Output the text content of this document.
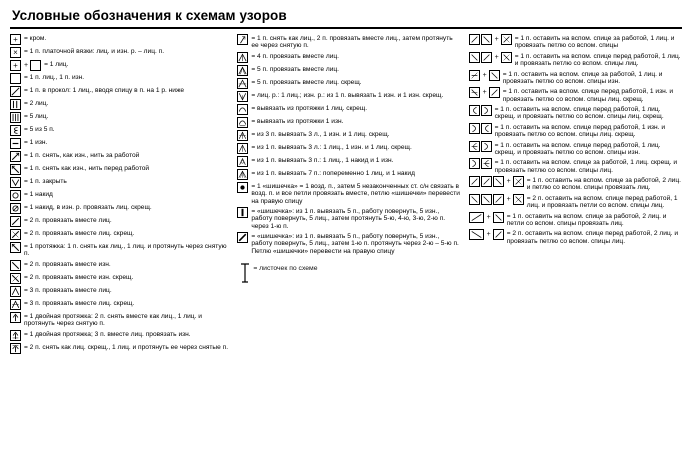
Условные обозначения к схемам узоров
+ = кром.
× = 1 п. платочной вязки: лиц. и изн. р. – лиц. п.
+ + = 1 лиц.
= 1 п. лиц., 1 п. изн.
= 1 п. в прокол: 1 лиц., вводя спицу в п. на 1 р. ниже
= 2 лиц.
= 5 лиц.
= 5 из 5 п.
= 1 изн.
= 1 п. снять, как изн., нить за работой
= 1 п. снять как изн., нить перед работой
= 1 п. закрыть
= 1 накид
= 1 накид, в изн. р. провязать лиц. скрещ.
= 2 п. провязать вместе лиц.
= 2 п. провязать вместе лиц. скрещ.
= 1 протяжка: 1 п. снять как лиц., 1 лиц. и протянуть через снятую п.
= 2 п. провязать вместе изн.
= 2 п. провязать вместе изн. скрещ.
= 3 п. провязать вместе лиц.
= 3 п. провязать вместе лиц. скрещ.
= 1 двойная протяжка: 2 п. снять вместе как лиц., 1 лиц. и протянуть через снятую п.
= 1 двойная протяжка; 3 п. вместе лиц. провязать изн.
= 2 п. снять как лиц. скрещ., 1 лиц. и протянуть ее через снятые п.
= 1 п. снять как лиц., 2 п. провязать вместе лиц., затем протянуть ее через снятую п.
= 4 п. провязать вместе лиц.
= 5 п. провязать вместе лиц.
= 5 п. провязать вместе лиц. скрещ.
= лиц. р.: 1 лиц.; изн. р.: из 1 п. вывязать 1 изн. и 1 изн. скрещ.
= вывязать из протяжки 1 лиц. скрещ.
= вывязать из протяжки 1 изн.
= из 3 п. вывязать 3 л., 1 изн. и 1 лиц. скрещ.
= из 1 п. вывязать 3 л.: 1 лиц., 1 изн. и 1 лиц. скрещ.
= из 1 п. вывязать 3 п.: 1 лиц., 1 накид и 1 изн.
= из 1 п. вывязать 7 п.: попеременно 1 лиц. и 1 накид
= 1 «шишечка» = 1 возд. п., затем 5 незаконченных ст. с/н связать в возд. п. и все петли провязать вместе, петлю «шишечки» перевести на правую спицу
= «шишечка»: из 1 п. вывязать 5 п., работу повернуть, 5 изн., работу повернуть, 5 лиц., затем протянуть 5-ю, 4-ю, 3-ю, 2-ю п. через 1-ю п.
= «шишечка»: из 1 п. вывязать 5 п., работу повернуть, 5 изн., работу повернуть, 5 лиц., затем 1-ю п. протянуть через 2-ю – 5-ю п. Петлю «шишечки» перевести на правую спицу
= листочек по схеме
+ = 1 п. оставить на вспом. спице за работой, 1 лиц. и провязать петлю со вспом. спицы
+ = 1 п. оставить на вспом. спице перед работой, 1 лиц. и провязать петлю со вспом. спицы лиц.
+ = 1 п. оставить на вспом. спице за работой, 1 лиц. и провязать петлю со вспом. спицы изн.
+ = 1 п. оставить на вспом. спице перед работой, 1 изн. и провязать петлю со вспом. спицы лиц. скрещ.
= 1 п. оставить на вспом. спице перед работой, 1 лиц. скрещ. и провязать петлю со вспом. спицы лиц. скрещ.
= 1 п. оставить на вспом. спице перед работой, 1 изн. и провязать петлю со вспом. спицы лиц. скрещ.
= 1 п. оставить на вспом. спице перед работой, 1 лиц. скрещ. и провязать петлю со вспом. спицы изн.
= 1 п. оставить на вспом. спице за работой, 1 лиц. скрещ. и провязать петлю со вспом. спицы лиц.
+ = 1 п. оставить на вспом. спице за работой, 2 лиц. и петлю со вспом. спицы провязать лиц.
+ = 2 п. оставить на вспом. спице перед работой, 1 лиц. и провязать петли со вспом. спицы лиц.
+ = 1 п. оставить на вспом. спице за работой, 2 лиц. и петли со вспом. спицы провязать лиц.
+ = 2 п. оставить на вспом. спице перед работой, 2 лиц. и провязать петлю со вспом. спицы лиц.
